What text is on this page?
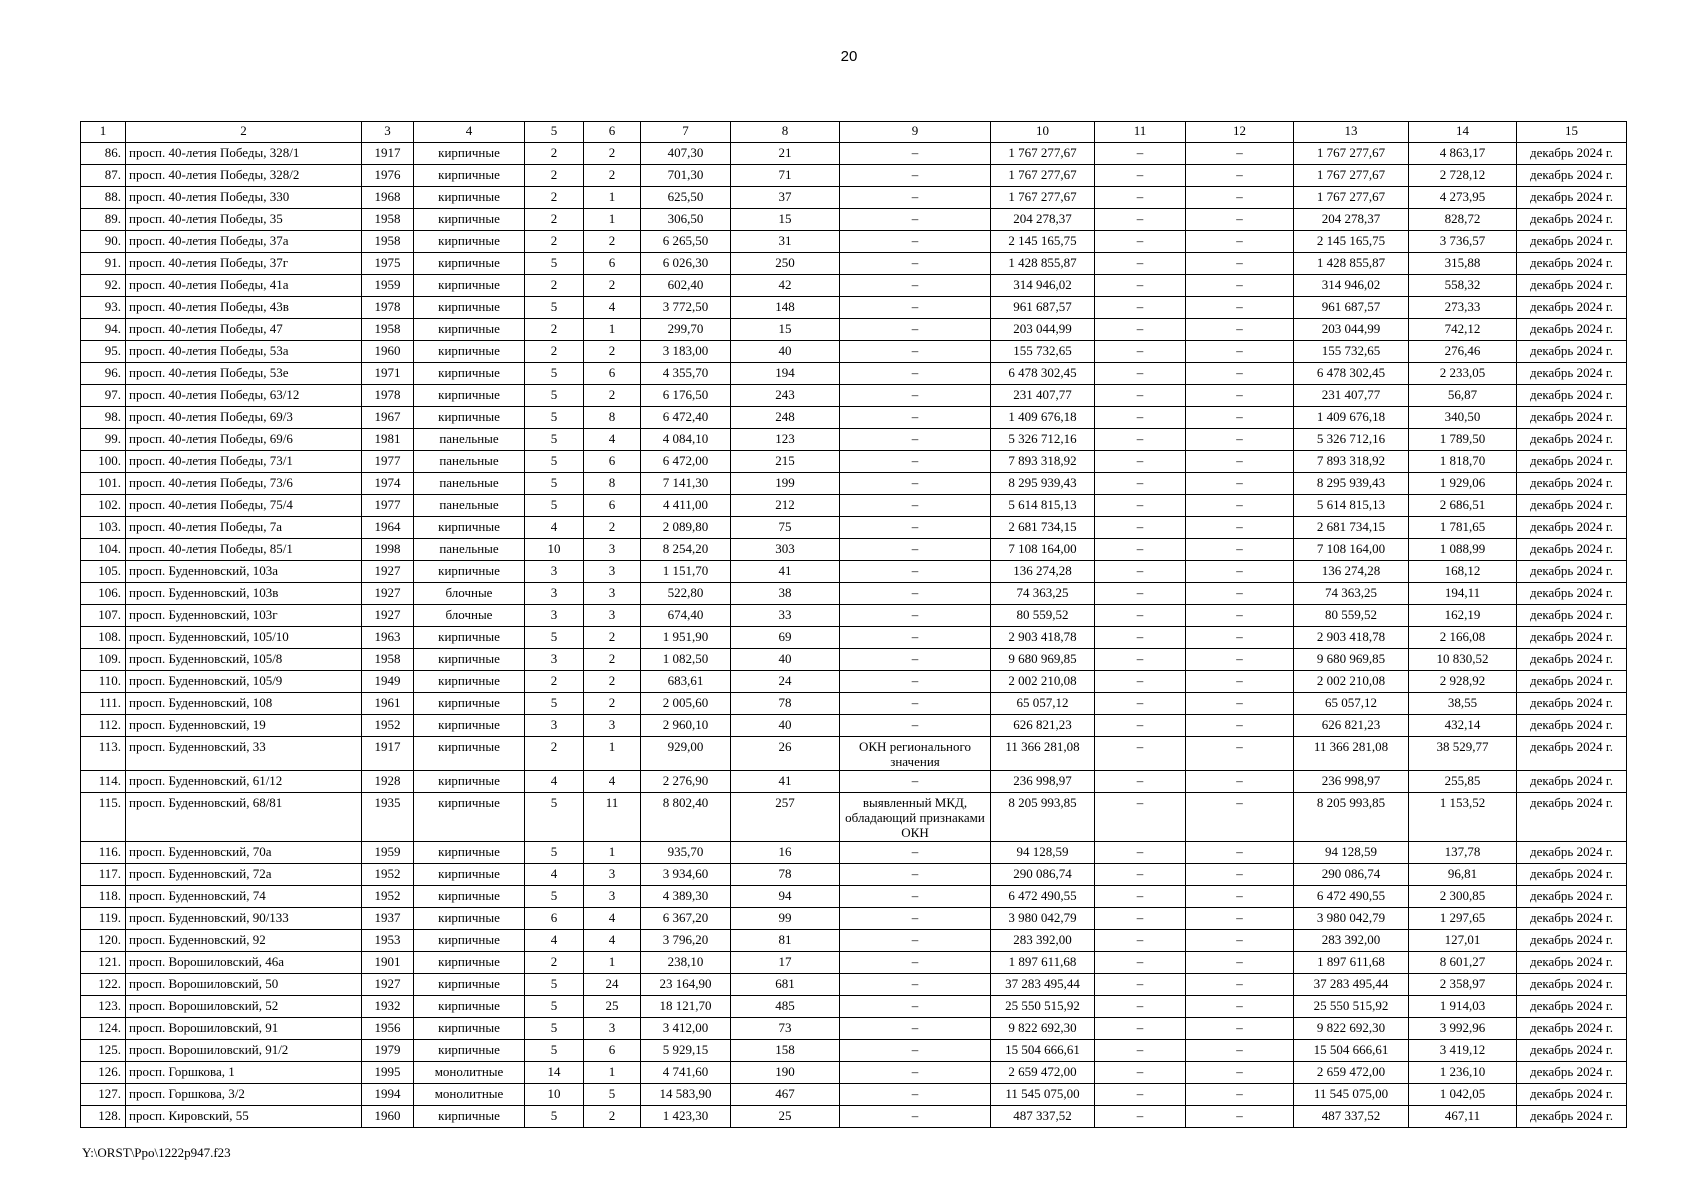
20
1	2	3	4	5	6	7	8	9	10	11	12	13	14	15
86.	просп. 40-летия Победы, 328/1	1917	кирпичные	2	2	407,30	21	–	1 767 277,67	–	–	1 767 277,67	4 863,17	декабрь 2024 г.
87.	просп. 40-летия Победы, 328/2	1976	кирпичные	2	2	701,30	71	–	1 767 277,67	–	–	1 767 277,67	2 728,12	декабрь 2024 г.
88.	просп. 40-летия Победы, 330	1968	кирпичные	2	1	625,50	37	–	1 767 277,67	–	–	1 767 277,67	4 273,95	декабрь 2024 г.
89.	просп. 40-летия Победы, 35	1958	кирпичные	2	1	306,50	15	–	204 278,37	–	–	204 278,37	828,72	декабрь 2024 г.
90.	просп. 40-летия Победы, 37а	1958	кирпичные	2	2	6 265,50	31	–	2 145 165,75	–	–	2 145 165,75	3 736,57	декабрь 2024 г.
91.	просп. 40-летия Победы, 37г	1975	кирпичные	5	6	6 026,30	250	–	1 428 855,87	–	–	1 428 855,87	315,88	декабрь 2024 г.
92.	просп. 40-летия Победы, 41а	1959	кирпичные	2	2	602,40	42	–	314 946,02	–	–	314 946,02	558,32	декабрь 2024 г.
93.	просп. 40-летия Победы, 43в	1978	кирпичные	5	4	3 772,50	148	–	961 687,57	–	–	961 687,57	273,33	декабрь 2024 г.
94.	просп. 40-летия Победы, 47	1958	кирпичные	2	1	299,70	15	–	203 044,99	–	–	203 044,99	742,12	декабрь 2024 г.
95.	просп. 40-летия Победы, 53а	1960	кирпичные	2	2	3 183,00	40	–	155 732,65	–	–	155 732,65	276,46	декабрь 2024 г.
96.	просп. 40-летия Победы, 53е	1971	кирпичные	5	6	4 355,70	194	–	6 478 302,45	–	–	6 478 302,45	2 233,05	декабрь 2024 г.
97.	просп. 40-летия Победы, 63/12	1978	кирпичные	5	2	6 176,50	243	–	231 407,77	–	–	231 407,77	56,87	декабрь 2024 г.
98.	просп. 40-летия Победы, 69/3	1967	кирпичные	5	8	6 472,40	248	–	1 409 676,18	–	–	1 409 676,18	340,50	декабрь 2024 г.
99.	просп. 40-летия Победы, 69/6	1981	панельные	5	4	4 084,10	123	–	5 326 712,16	–	–	5 326 712,16	1 789,50	декабрь 2024 г.
100.	просп. 40-летия Победы, 73/1	1977	панельные	5	6	6 472,00	215	–	7 893 318,92	–	–	7 893 318,92	1 818,70	декабрь 2024 г.
101.	просп. 40-летия Победы, 73/6	1974	панельные	5	8	7 141,30	199	–	8 295 939,43	–	–	8 295 939,43	1 929,06	декабрь 2024 г.
102.	просп. 40-летия Победы, 75/4	1977	панельные	5	6	4 411,00	212	–	5 614 815,13	–	–	5 614 815,13	2 686,51	декабрь 2024 г.
103.	просп. 40-летия Победы, 7а	1964	кирпичные	4	2	2 089,80	75	–	2 681 734,15	–	–	2 681 734,15	1 781,65	декабрь 2024 г.
104.	просп. 40-летия Победы, 85/1	1998	панельные	10	3	8 254,20	303	–	7 108 164,00	–	–	7 108 164,00	1 088,99	декабрь 2024 г.
105.	просп. Буденновский, 103а	1927	кирпичные	3	3	1 151,70	41	–	136 274,28	–	–	136 274,28	168,12	декабрь 2024 г.
106.	просп. Буденновский, 103в	1927	блочные	3	3	522,80	38	–	74 363,25	–	–	74 363,25	194,11	декабрь 2024 г.
107.	просп. Буденновский, 103г	1927	блочные	3	3	674,40	33	–	80 559,52	–	–	80 559,52	162,19	декабрь 2024 г.
108.	просп. Буденновский, 105/10	1963	кирпичные	5	2	1 951,90	69	–	2 903 418,78	–	–	2 903 418,78	2 166,08	декабрь 2024 г.
109.	просп. Буденновский, 105/8	1958	кирпичные	3	2	1 082,50	40	–	9 680 969,85	–	–	9 680 969,85	10 830,52	декабрь 2024 г.
110.	просп. Буденновский, 105/9	1949	кирпичные	2	2	683,61	24	–	2 002 210,08	–	–	2 002 210,08	2 928,92	декабрь 2024 г.
111.	просп. Буденновский, 108	1961	кирпичные	5	2	2 005,60	78	–	65 057,12	–	–	65 057,12	38,55	декабрь 2024 г.
112.	просп. Буденновский, 19	1952	кирпичные	3	3	2 960,10	40	–	626 821,23	–	–	626 821,23	432,14	декабрь 2024 г.
113.	просп. Буденновский, 33	1917	кирпичные	2	1	929,00	26	ОКН регионального значения	11 366 281,08	–	–	11 366 281,08	38 529,77	декабрь 2024 г.
114.	просп. Буденновский, 61/12	1928	кирпичные	4	4	2 276,90	41	–	236 998,97	–	–	236 998,97	255,85	декабрь 2024 г.
115.	просп. Буденновский, 68/81	1935	кирпичные	5	11	8 802,40	257	выявленный МКД, обладающий признаками ОКН	8 205 993,85	–	–	8 205 993,85	1 153,52	декабрь 2024 г.
116.	просп. Буденновский, 70а	1959	кирпичные	5	1	935,70	16	–	94 128,59	–	–	94 128,59	137,78	декабрь 2024 г.
117.	просп. Буденновский, 72а	1952	кирпичные	4	3	3 934,60	78	–	290 086,74	–	–	290 086,74	96,81	декабрь 2024 г.
118.	просп. Буденновский, 74	1952	кирпичные	5	3	4 389,30	94	–	6 472 490,55	–	–	6 472 490,55	2 300,85	декабрь 2024 г.
119.	просп. Буденновский, 90/133	1937	кирпичные	6	4	6 367,20	99	–	3 980 042,79	–	–	3 980 042,79	1 297,65	декабрь 2024 г.
120.	просп. Буденновский, 92	1953	кирпичные	4	4	3 796,20	81	–	283 392,00	–	–	283 392,00	127,01	декабрь 2024 г.
121.	просп. Ворошиловский, 46а	1901	кирпичные	2	1	238,10	17	–	1 897 611,68	–	–	1 897 611,68	8 601,27	декабрь 2024 г.
122.	просп. Ворошиловский, 50	1927	кирпичные	5	24	23 164,90	681	–	37 283 495,44	–	–	37 283 495,44	2 358,97	декабрь 2024 г.
123.	просп. Ворошиловский, 52	1932	кирпичные	5	25	18 121,70	485	–	25 550 515,92	–	–	25 550 515,92	1 914,03	декабрь 2024 г.
124.	просп. Ворошиловский, 91	1956	кирпичные	5	3	3 412,00	73	–	9 822 692,30	–	–	9 822 692,30	3 992,96	декабрь 2024 г.
125.	просп. Ворошиловский, 91/2	1979	кирпичные	5	6	5 929,15	158	–	15 504 666,61	–	–	15 504 666,61	3 419,12	декабрь 2024 г.
126.	просп. Горшкова, 1	1995	монолитные	14	1	4 741,60	190	–	2 659 472,00	–	–	2 659 472,00	1 236,10	декабрь 2024 г.
127.	просп. Горшкова, 3/2	1994	монолитные	10	5	14 583,90	467	–	11 545 075,00	–	–	11 545 075,00	1 042,05	декабрь 2024 г.
128.	просп. Кировский, 55	1960	кирпичные	5	2	1 423,30	25	–	487 337,52	–	–	487 337,52	467,11	декабрь 2024 г.
Y:\ORST\Ppo\1222p947.f23
